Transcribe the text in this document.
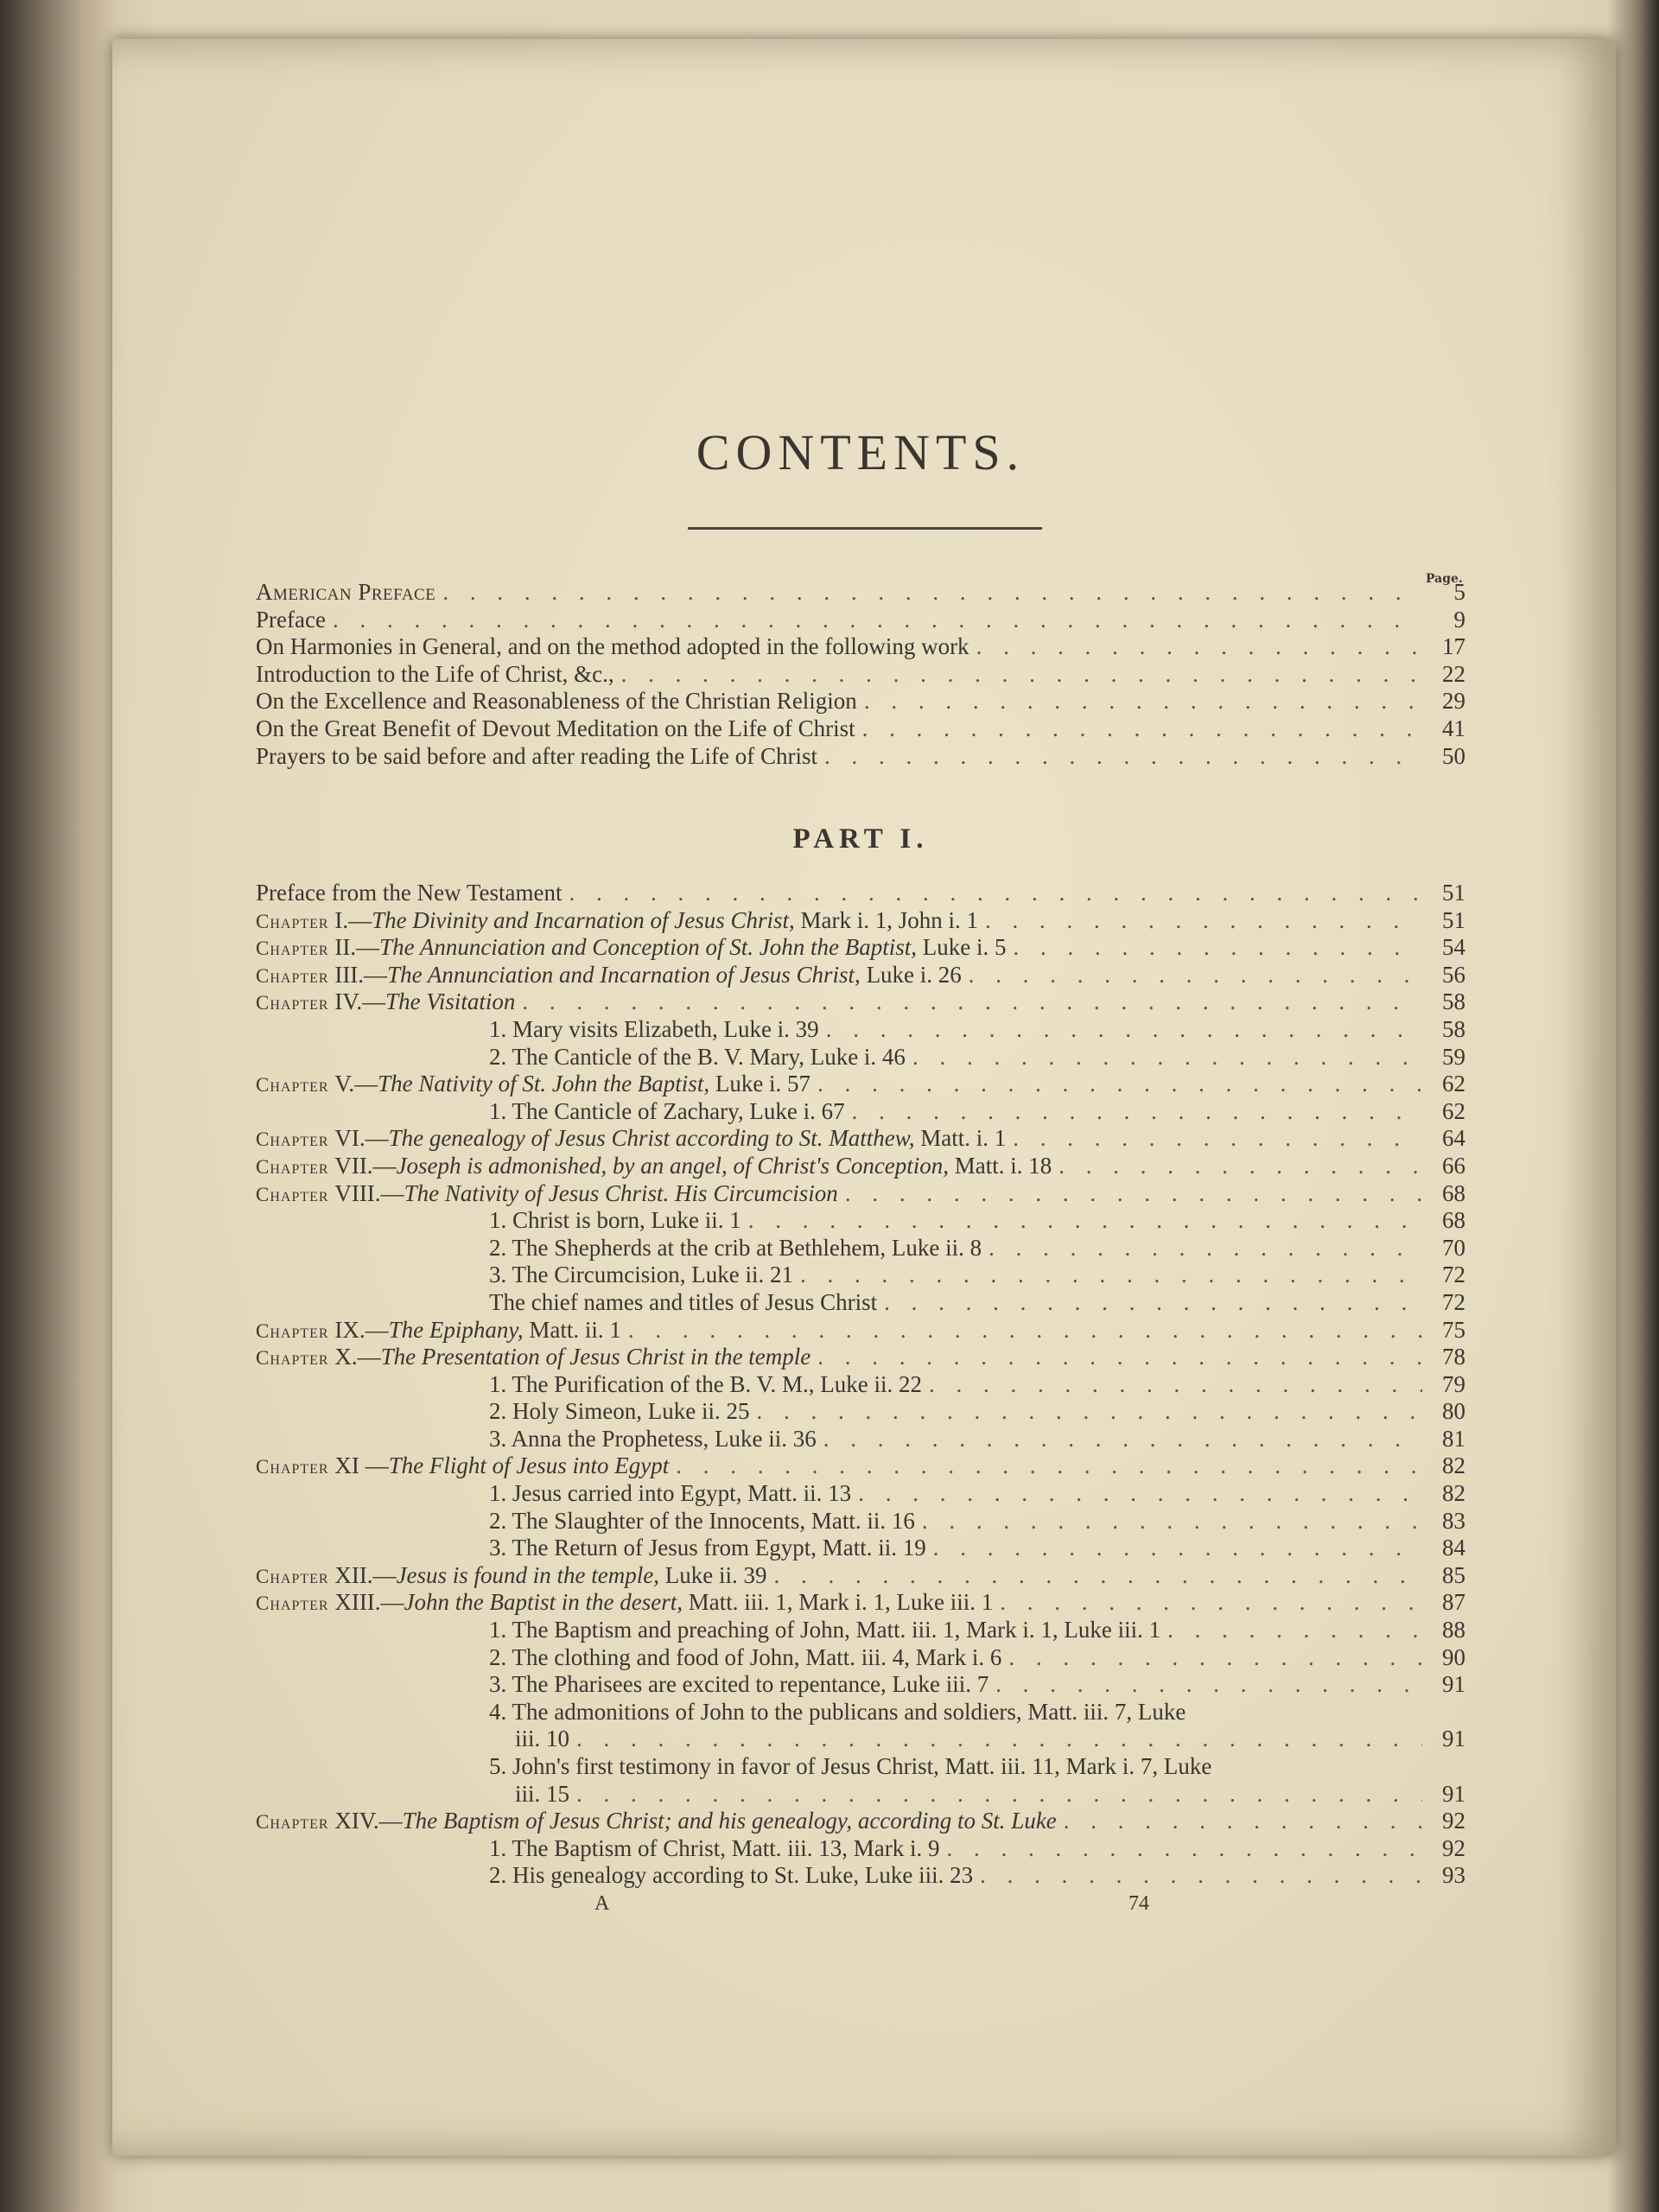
CONTENTS.
Page.
American Preface . . .	5
Preface . . .	9
On Harmonies in General, and on the method adopted in the following work . . .	17
Introduction to the Life of Christ, &c., . . .	22
On the Excellence and Reasonableness of the Christian Religion . . .	29
On the Great Benefit of Devout Meditation on the Life of Christ . . .	41
Prayers to be said before and after reading the Life of Christ . . .	50
PART I.
Preface from the New Testament . . .	51
Chapter I.—The Divinity and Incarnation of Jesus Christ, Mark i. 1, John i. 1 . . .	51
Chapter II.—The Annunciation and Conception of St. John the Baptist, Luke i. 5 . . .	54
Chapter III.—The Annunciation and Incarnation of Jesus Christ, Luke i. 26 . . .	56
Chapter IV.—The Visitation . . .	58
1. Mary visits Elizabeth, Luke i. 39 . . .	58
2. The Canticle of the B. V. Mary, Luke i. 46 . . .	59
Chapter V.—The Nativity of St. John the Baptist, Luke i. 57 . . .	62
1. The Canticle of Zachary, Luke i. 67 . . .	62
Chapter VI.—The genealogy of Jesus Christ according to St. Matthew, Matt. i. 1 . . .	64
Chapter VII.—Joseph is admonished, by an angel, of Christ's Conception, Matt. i. 18 . . .	66
Chapter VIII.—The Nativity of Jesus Christ. His Circumcision . . .	68
1. Christ is born, Luke ii. 1 . . .	68
2. The Shepherds at the crib at Bethlehem, Luke ii. 8 . . .	70
3. The Circumcision, Luke ii. 21 . . .	72
The chief names and titles of Jesus Christ . . .	72
Chapter IX.—The Epiphany, Matt. ii. 1 . . .	75
Chapter X.—The Presentation of Jesus Christ in the temple . . .	78
1. The Purification of the B. V. M., Luke ii. 22 . . .	79
2. Holy Simeon, Luke ii. 25 . . .	80
3. Anna the Prophetess, Luke ii. 36 . . .	81
Chapter XI —The Flight of Jesus into Egypt . . .	82
1. Jesus carried into Egypt, Matt. ii. 13 . . .	82
2. The Slaughter of the Innocents, Matt. ii. 16 . . .	83
3. The Return of Jesus from Egypt, Matt. ii. 19 . . .	84
Chapter XII.—Jesus is found in the temple, Luke ii. 39 . . .	85
Chapter XIII.—John the Baptist in the desert, Matt. iii. 1, Mark i. 1, Luke iii. 1 . . .	87
1. The Baptism and preaching of John, Matt. iii. 1, Mark i. 1, Luke iii. 1 . . .	88
2. The clothing and food of John, Matt. iii. 4, Mark i. 6 . . .	90
3. The Pharisees are excited to repentance, Luke iii. 7 . . .	91
4. The admonitions of John to the publicans and soldiers, Matt. iii. 7, Luke
iii. 10 . . .	91
5. John's first testimony in favor of Jesus Christ, Matt. iii. 11, Mark i. 7, Luke
iii. 15 . . .	91
Chapter XIV.—The Baptism of Jesus Christ; and his genealogy, according to St. Luke . . .	92
1. The Baptism of Christ, Matt. iii. 13, Mark i. 9 . . .	92
2. His genealogy according to St. Luke, Luke iii. 23 . . .	93
A	74
